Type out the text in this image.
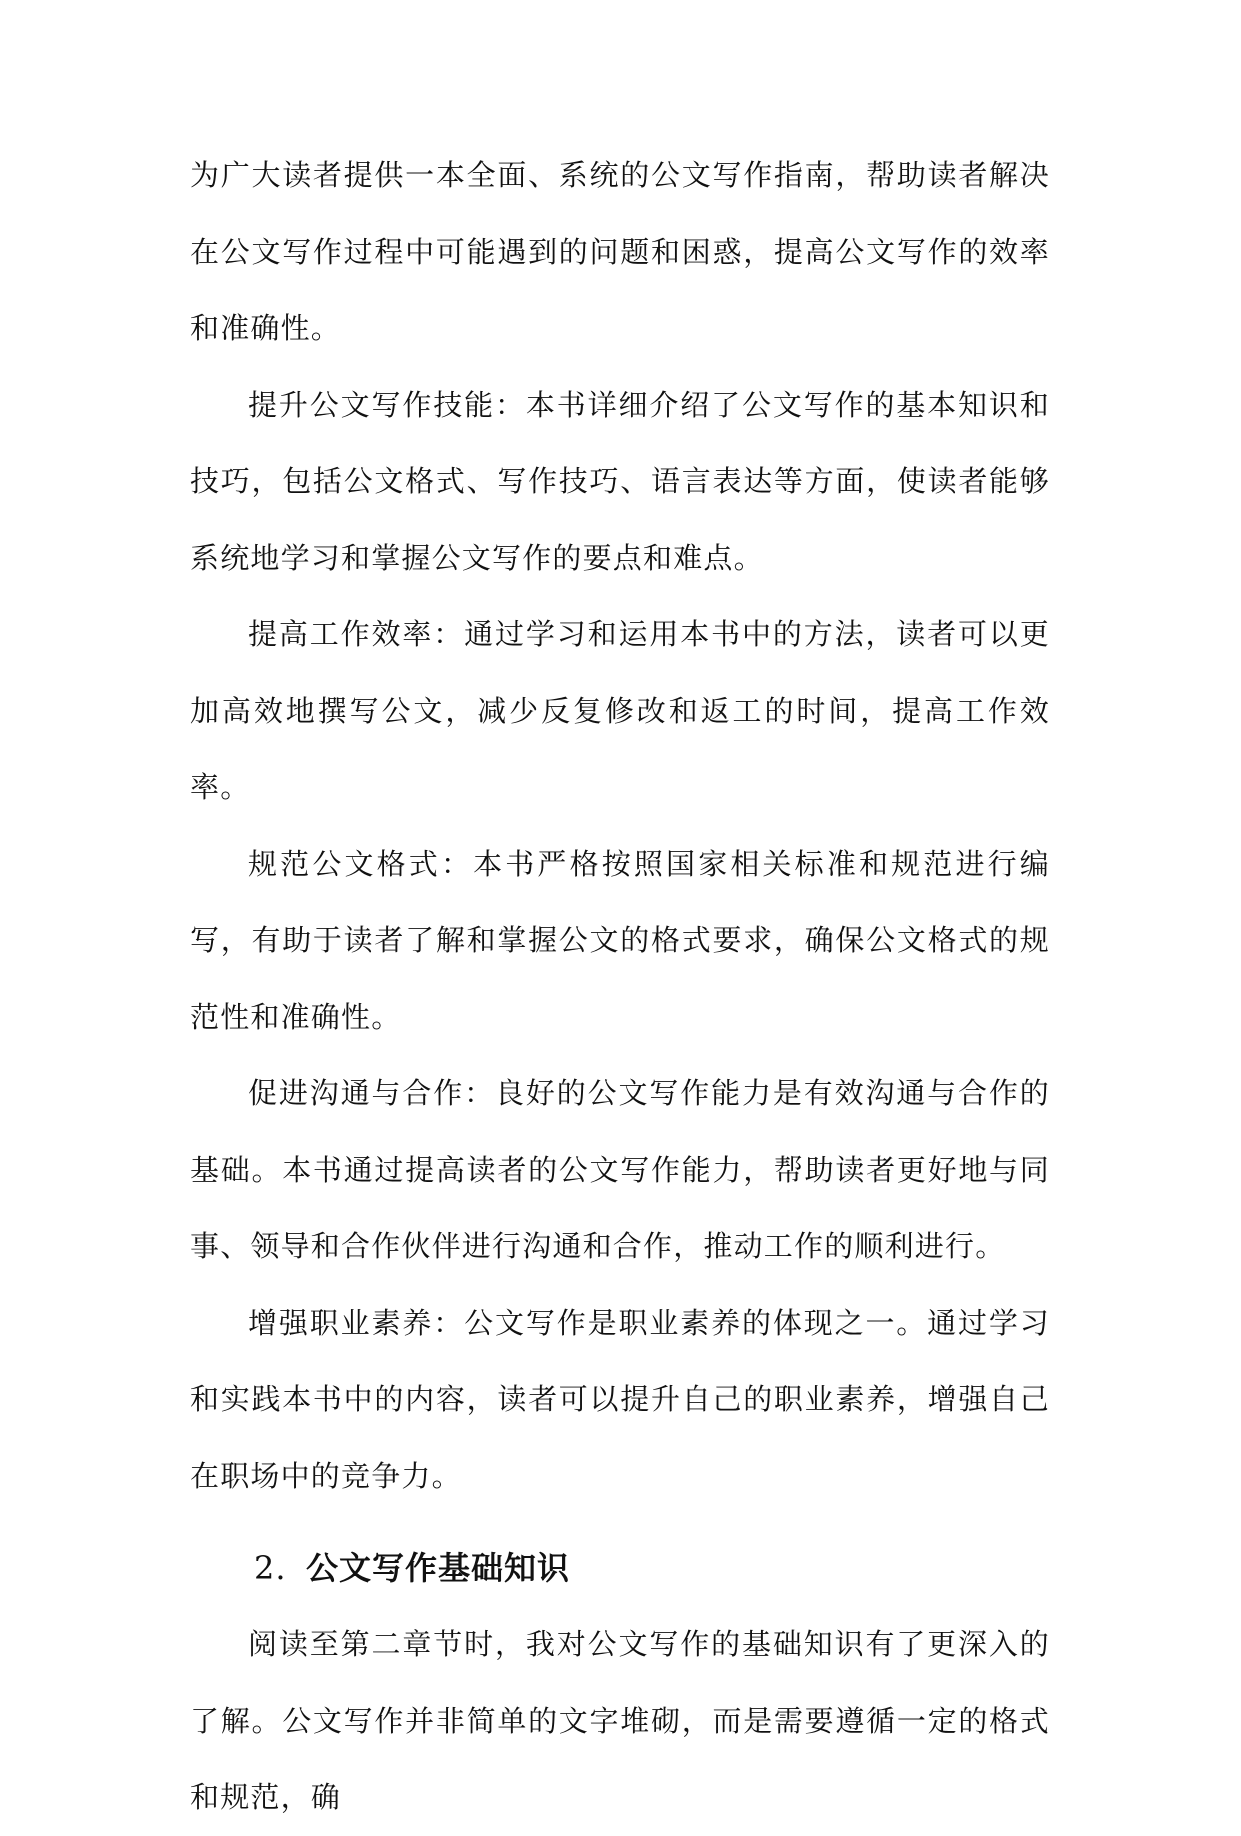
为广大读者提供一本全面、系统的公文写作指南，帮助读者解决在公文写作过程中可能遇到的问题和困惑，提高公文写作的效率和准确性。

提升公文写作技能：本书详细介绍了公文写作的基本知识和技巧，包括公文格式、写作技巧、语言表达等方面，使读者能够系统地学习和掌握公文写作的要点和难点。

提高工作效率：通过学习和运用本书中的方法，读者可以更加高效地撰写公文，减少反复修改和返工的时间，提高工作效率。

规范公文格式：本书严格按照国家相关标准和规范进行编写，有助于读者了解和掌握公文的格式要求，确保公文格式的规范性和准确性。

促进沟通与合作：良好的公文写作能力是有效沟通与合作的基础。本书通过提高读者的公文写作能力，帮助读者更好地与同事、领导和合作伙伴进行沟通和合作，推动工作的顺利进行。

增强职业素养：公文写作是职业素养的体现之一。通过学习和实践本书中的内容，读者可以提升自己的职业素养，增强自己在职场中的竞争力。

2. 公文写作基础知识

阅读至第二章节时，我对公文写作的基础知识有了更深入的了解。公文写作并非简单的文字堆砌，而是需要遵循一定的格式和规范，确
